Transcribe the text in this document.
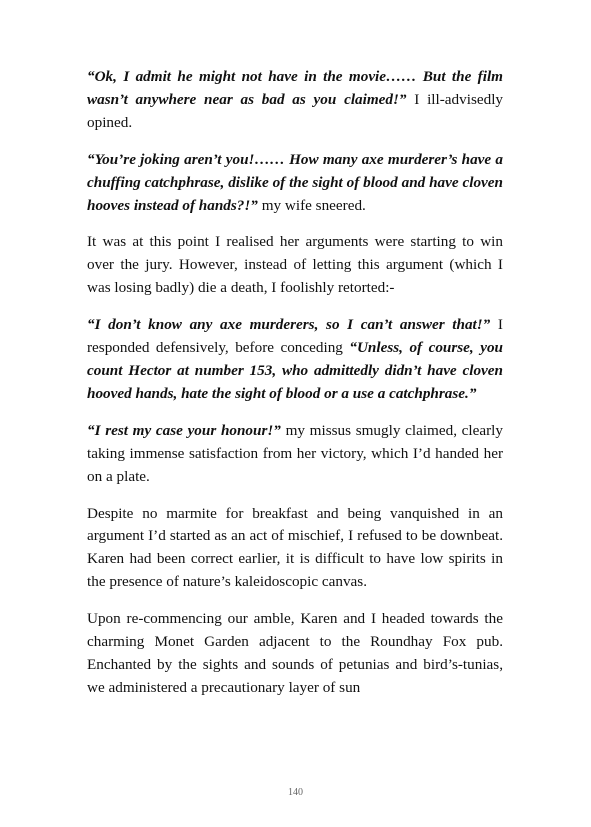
“Ok, I admit he might not have in the movie…… But the film wasn’t anywhere near as bad as you claimed!” I ill-advisedly opined.

“You’re joking aren’t you!…… How many axe murderer’s have a chuffing catchphrase, dislike of the sight of blood and have cloven hooves instead of hands?!” my wife sneered.

It was at this point I realised her arguments were starting to win over the jury. However, instead of letting this argument (which I was losing badly) die a death, I foolishly retorted:-

“I don’t know any axe murderers, so I can’t answer that!” I responded defensively, before conceding “Unless, of course, you count Hector at number 153, who admittedly didn’t have cloven hooved hands, hate the sight of blood or a use a catchphrase.”

“I rest my case your honour!” my missus smugly claimed, clearly taking immense satisfaction from her victory, which I’d handed her on a plate.

Despite no marmite for breakfast and being vanquished in an argument I’d started as an act of mischief, I refused to be downbeat. Karen had been correct earlier, it is difficult to have low spirits in the presence of nature’s kaleidoscopic canvas.

Upon re-commencing our amble, Karen and I headed towards the charming Monet Garden adjacent to the Roundhay Fox pub. Enchanted by the sights and sounds of petunias and bird’s-tunias, we administered a precautionary layer of sun

140
